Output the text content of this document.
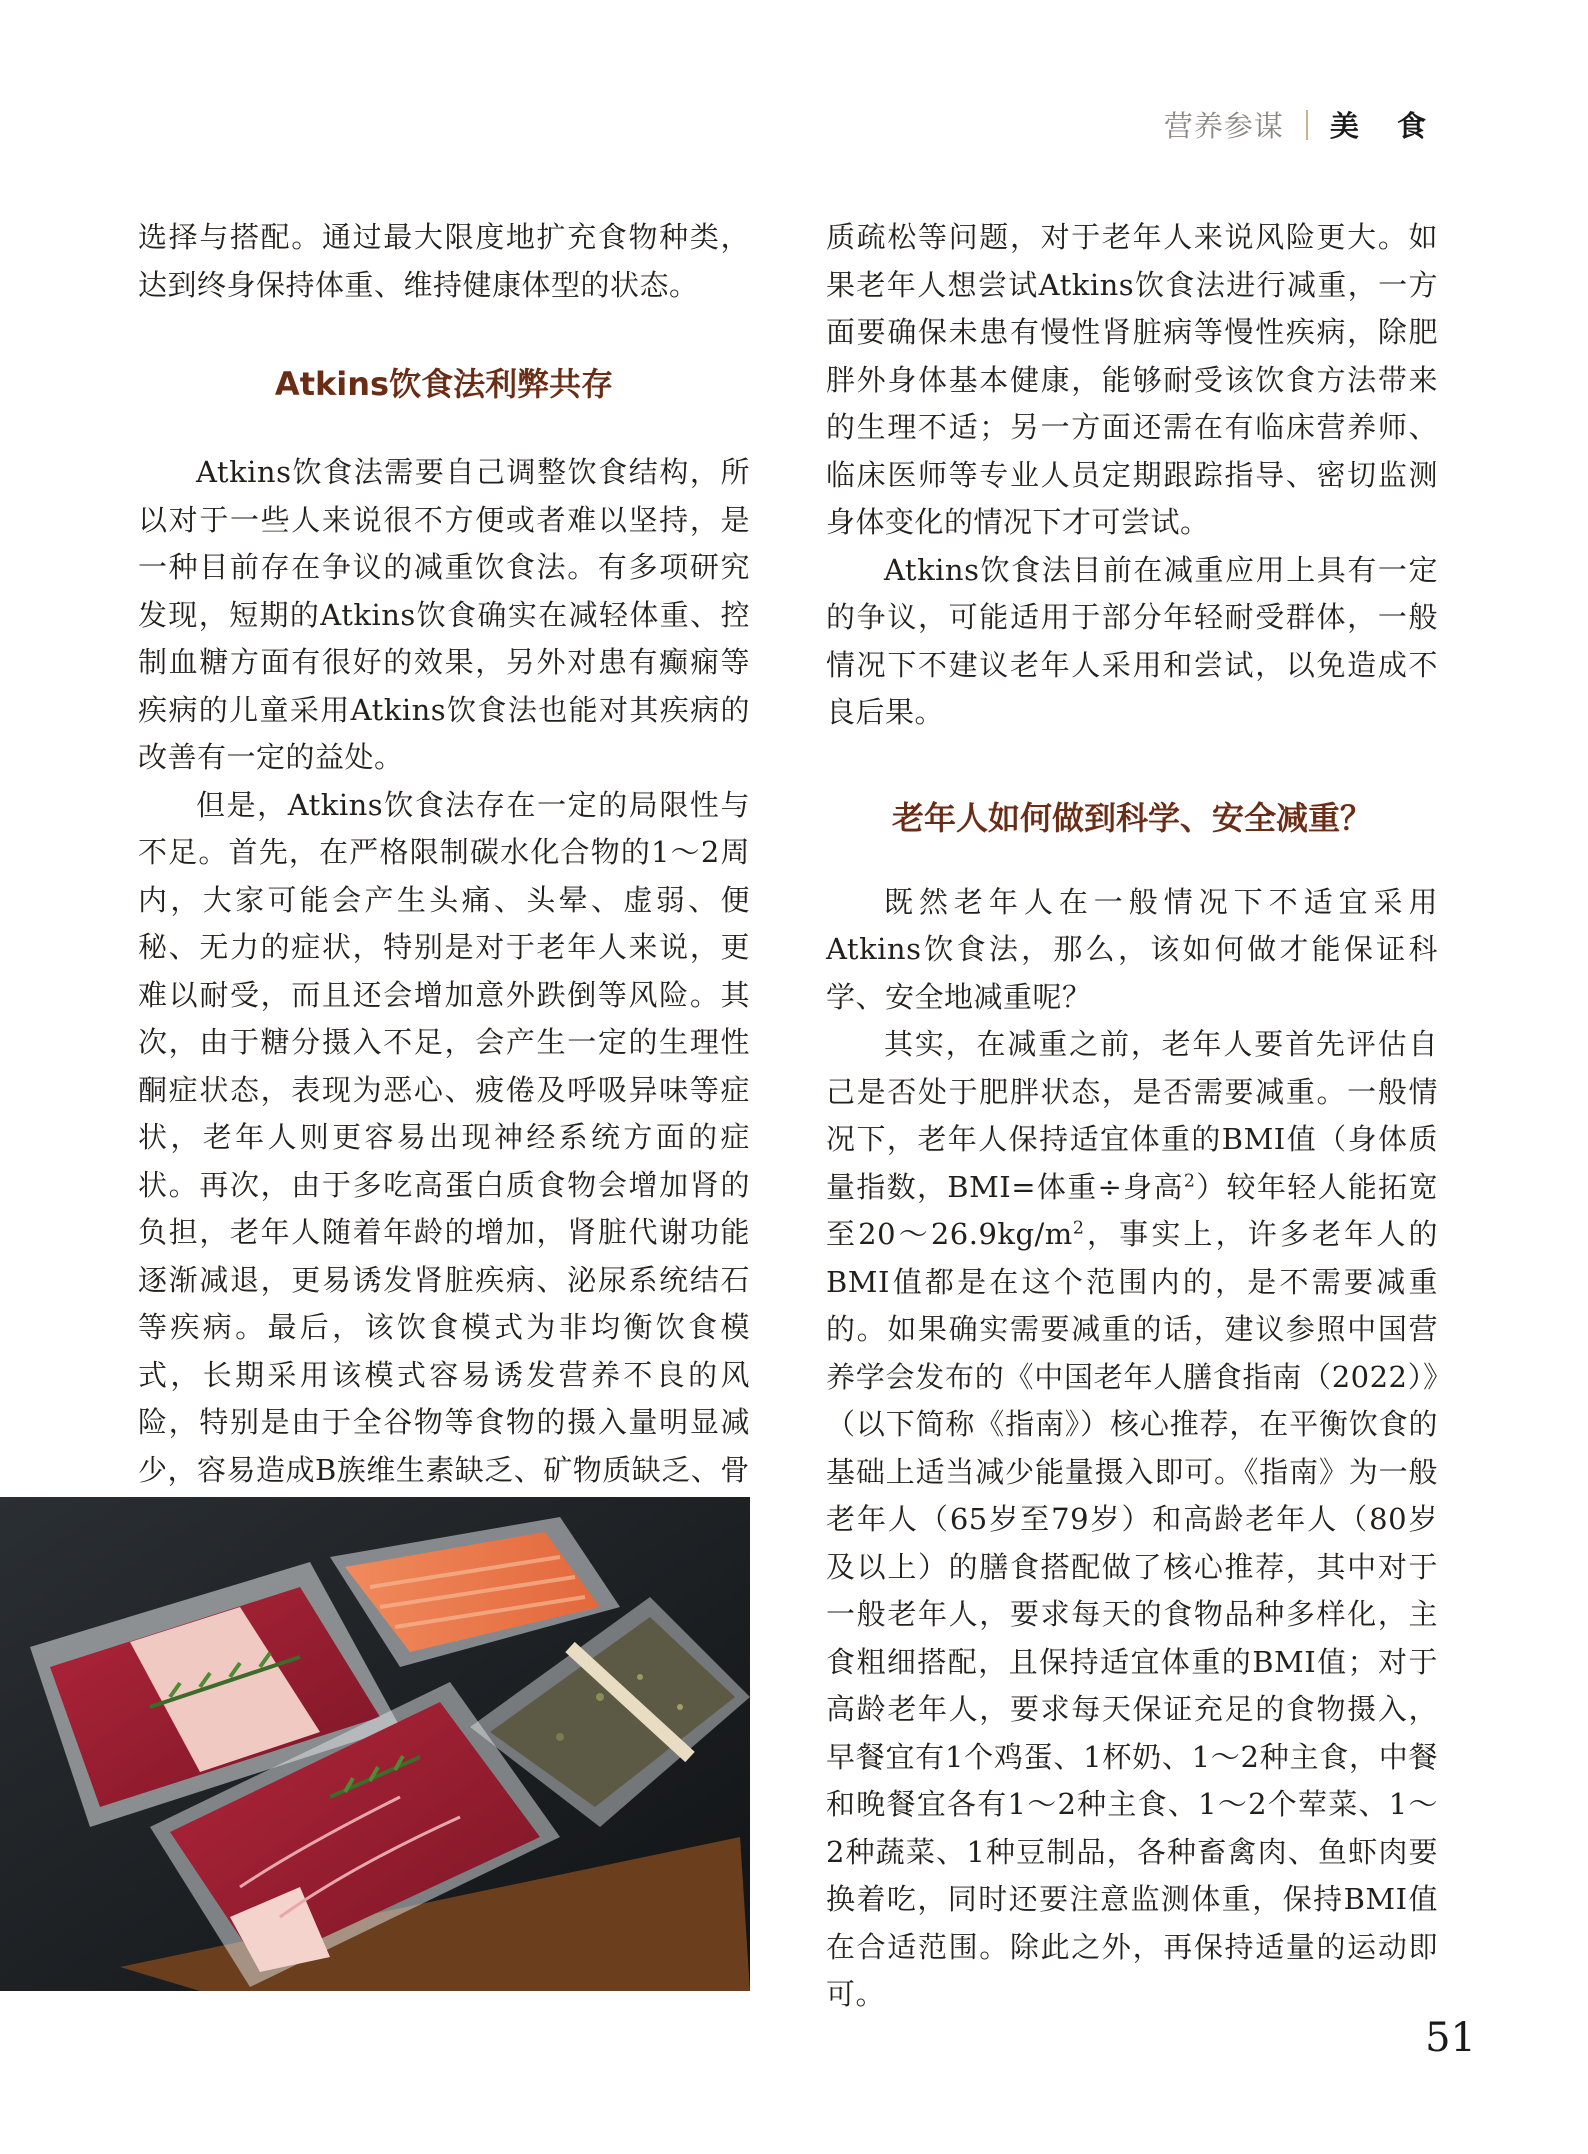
营养参谋 美 食

选择与搭配。通过最大限度地扩充食物种类，达到终身保持体重、维持健康体型的状态。

Atkins饮食法利弊共存

Atkins饮食法需要自己调整饮食结构，所以对于一些人来说很不方便或者难以坚持，是一种目前存在争议的减重饮食法。有多项研究发现，短期的Atkins饮食确实在减轻体重、控制血糖方面有很好的效果，另外对患有癫痫等疾病的儿童采用Atkins饮食法也能对其疾病的改善有一定的益处。

但是，Atkins饮食法存在一定的局限性与不足。首先，在严格限制碳水化合物的1～2周内，大家可能会产生头痛、头晕、虚弱、便秘、无力的症状，特别是对于老年人来说，更难以耐受，而且还会增加意外跌倒等风险。其次，由于糖分摄入不足，会产生一定的生理性酮症状态，表现为恶心、疲倦及呼吸异味等症状，老年人则更容易出现神经系统方面的症状。再次，由于多吃高蛋白质食物会增加肾的负担，老年人随着年龄的增加，肾脏代谢功能逐渐减退，更易诱发肾脏疾病、泌尿系统结石等疾病。最后，该饮食模式为非均衡饮食模式，长期采用该模式容易诱发营养不良的风险，特别是由于全谷物等食物的摄入量明显减少，容易造成B族维生素缺乏、矿物质缺乏、骨

质疏松等问题，对于老年人来说风险更大。如果老年人想尝试Atkins饮食法进行减重，一方面要确保未患有慢性肾脏病等慢性疾病，除肥胖外身体基本健康，能够耐受该饮食方法带来的生理不适；另一方面还需在有临床营养师、临床医师等专业人员定期跟踪指导、密切监测身体变化的情况下才可尝试。

Atkins饮食法目前在减重应用上具有一定的争议，可能适用于部分年轻耐受群体，一般情况下不建议老年人采用和尝试，以免造成不良后果。

老年人如何做到科学、安全减重？

既然老年人在一般情况下不适宜采用Atkins饮食法，那么，该如何做才能保证科学、安全地减重呢？

其实，在减重之前，老年人要首先评估自己是否处于肥胖状态，是否需要减重。一般情况下，老年人保持适宜体重的BMI值（身体质量指数，BMI=体重÷身高$^2$）较年轻人能拓宽至$20\sim 26.9kg/m^2$，事实上，许多老年人的BMI值都是在这个范围内的，是不需要减重的。如果确实需要减重的话，建议参照中国营养学会发布的《中国老年人膳食指南（2022）》（以下简称《指南》）核心推荐，在平衡饮食的基础上适当减少能量摄入即可。《指南》为一般老年人（65岁至79岁）和高龄老年人（80岁及以上）的膳食搭配做了核心推荐，其中对于一般老年人，要求每天的食物品种多样化，主食粗细搭配，且保持适宜体重的BMI值；对于高龄老年人，要求每天保证充足的食物摄入，早餐宜有1个鸡蛋、1杯奶、1～2种主食，中餐和晚餐宜各有1～2种主食、1～2个荤菜、1～2种蔬菜、1种豆制品，各种畜禽肉、鱼虾肉要换着吃，同时还要注意监测体重，保持BMI值在合适范围。除此之外，再保持适量的运动即可。

51
